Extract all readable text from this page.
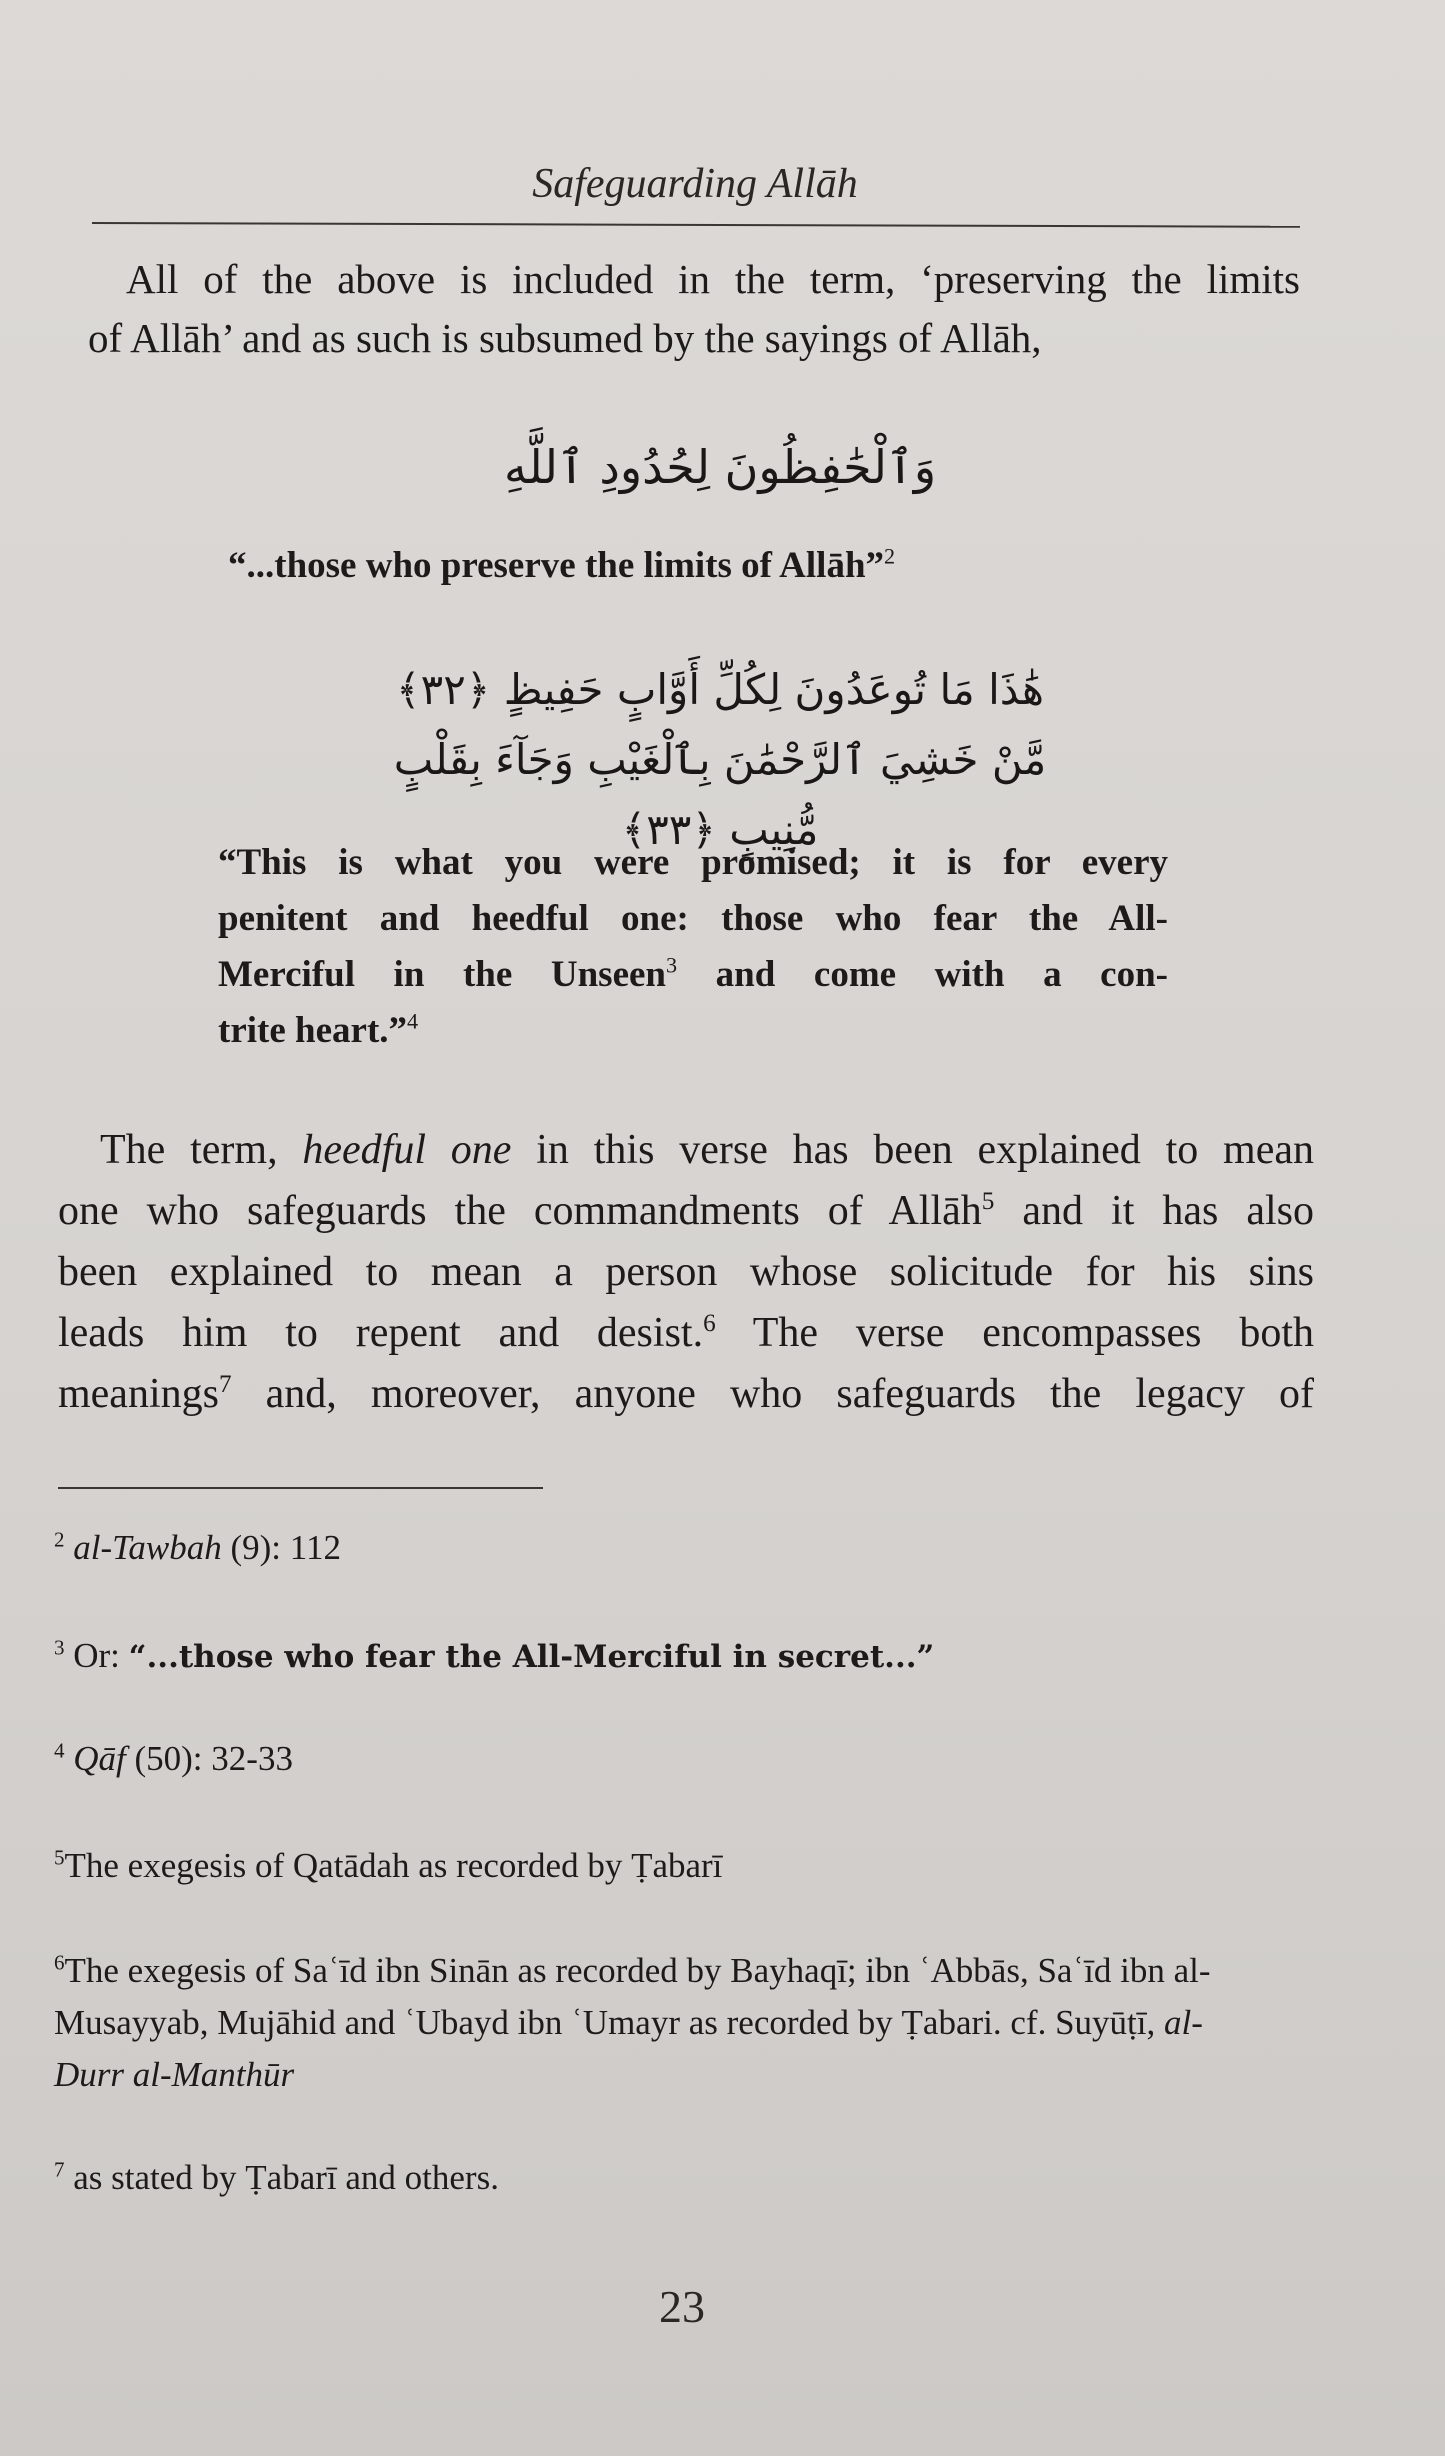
Safeguarding Allāh
All of the above is included in the term, ‘preserving the limits
of Allāh’ and as such is subsumed by the sayings of Allāh,
وَٱلْحَٰفِظُونَ لِحُدُودِ ٱللَّهِ
“...those who preserve the limits of Allāh”$^2$
هَٰذَا مَا تُوعَدُونَ لِكُلِّ أَوَّابٍ حَفِيظٍ ﴿٣٢﴾
مَّنْ خَشِيَ ٱلرَّحْمَٰنَ بِٱلْغَيْبِ وَجَآءَ بِقَلْبٍ مُّنِيبٍ ﴿٣٣﴾
“This is what you were promised; it is for every
penitent and heedful one: those who fear the All-
Merciful in the Unseen$^3$ and come with a con-
trite heart.”$^4$
The term, heedful one in this verse has been explained to mean
one who safeguards the commandments of Allāh$^5$ and it has also
been explained to mean a person whose solicitude for his sins
leads him to repent and desist.$^6$ The verse encompasses both
meanings$^7$ and, moreover, anyone who safeguards the legacy of
$^2$ al-Tawbah (9): 112
$^3$ Or: “...those who fear the All-Merciful in secret...”
$^4$ Qāf (50): 32-33
$^5$The exegesis of Qatādah as recorded by Ṭabarī
$^6$The exegesis of Saʿīd ibn Sinān as recorded by Bayhaqī; ibn ʿAbbās, Saʿīd ibn al-
Musayyab, Mujāhid and ʿUbayd ibn ʿUmayr as recorded by Ṭabari. cf. Suyūṭī, al-
Durr al-Manthūr
$^7$ as stated by Ṭabarī and others.
23
